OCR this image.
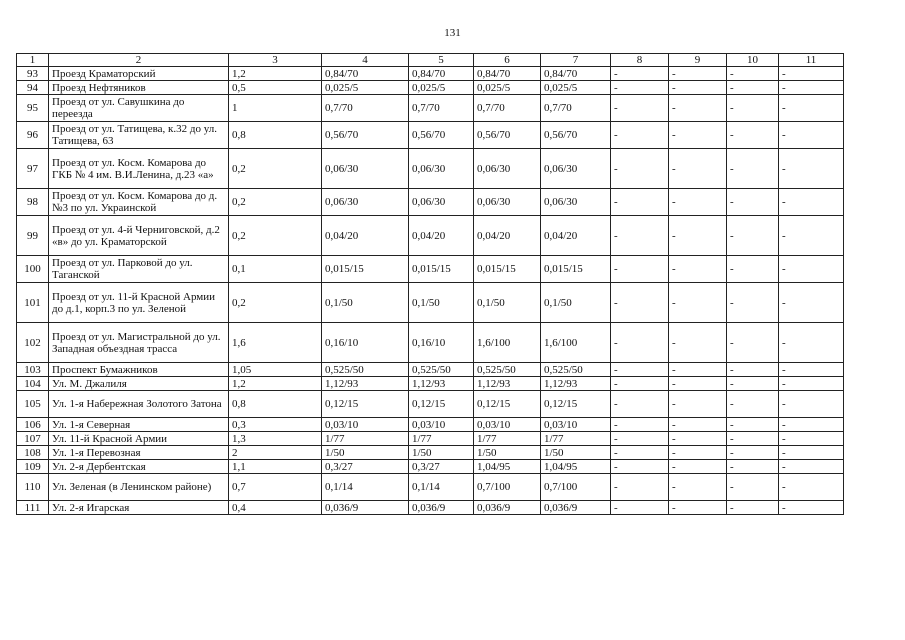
131
1	2	3	4	5	6	7	8	9	10	11
93	Проезд Краматорский	1,2	0,84/70	0,84/70	0,84/70	0,84/70	-	-	-	-
94	Проезд Нефтяников	0,5	0,025/5	0,025/5	0,025/5	0,025/5	-	-	-	-
95	Проезд от ул. Савушкина до переезда	1	0,7/70	0,7/70	0,7/70	0,7/70	-	-	-	-
96	Проезд от ул. Татищева, к.32 до ул. Татищева, 63	0,8	0,56/70	0,56/70	0,56/70	0,56/70	-	-	-	-
97	Проезд от ул. Косм. Комарова до ГКБ № 4 им. В.И.Ленина, д.23 «а»	0,2	0,06/30	0,06/30	0,06/30	0,06/30	-	-	-	-
98	Проезд от ул. Косм. Комарова до д.№3 по ул. Украинской	0,2	0,06/30	0,06/30	0,06/30	0,06/30	-	-	-	-
99	Проезд от ул. 4-й Черниговской, д.2 «в» до ул. Краматорской	0,2	0,04/20	0,04/20	0,04/20	0,04/20	-	-	-	-
100	Проезд от ул. Парковой до ул. Таганской	0,1	0,015/15	0,015/15	0,015/15	0,015/15	-	-	-	-
101	Проезд от ул. 11-й Красной Армии до д.1, корп.3 по ул. Зеленой	0,2	0,1/50	0,1/50	0,1/50	0,1/50	-	-	-	-
102	Проезд от ул. Магистральной до ул. Западная объездная трасса	1,6	0,16/10	0,16/10	1,6/100	1,6/100	-	-	-	-
103	Проспект Бумажников	1,05	0,525/50	0,525/50	0,525/50	0,525/50	-	-	-	-
104	Ул. М. Джалиля	1,2	1,12/93	1,12/93	1,12/93	1,12/93	-	-	-	-
105	Ул. 1-я Набережная Золотого Затона	0,8	0,12/15	0,12/15	0,12/15	0,12/15	-	-	-	-
106	Ул. 1-я Северная	0,3	0,03/10	0,03/10	0,03/10	0,03/10	-	-	-	-
107	Ул. 11-й Красной Армии	1,3	1/77	1/77	1/77	1/77	-	-	-	-
108	Ул. 1-я Перевозная	2	1/50	1/50	1/50	1/50	-	-	-	-
109	Ул. 2-я Дербентская	1,1	0,3/27	0,3/27	1,04/95	1,04/95	-	-	-	-
110	Ул. Зеленая (в Ленинском районе)	0,7	0,1/14	0,1/14	0,7/100	0,7/100	-	-	-	-
111	Ул. 2-я Игарская	0,4	0,036/9	0,036/9	0,036/9	0,036/9	-	-	-	-
